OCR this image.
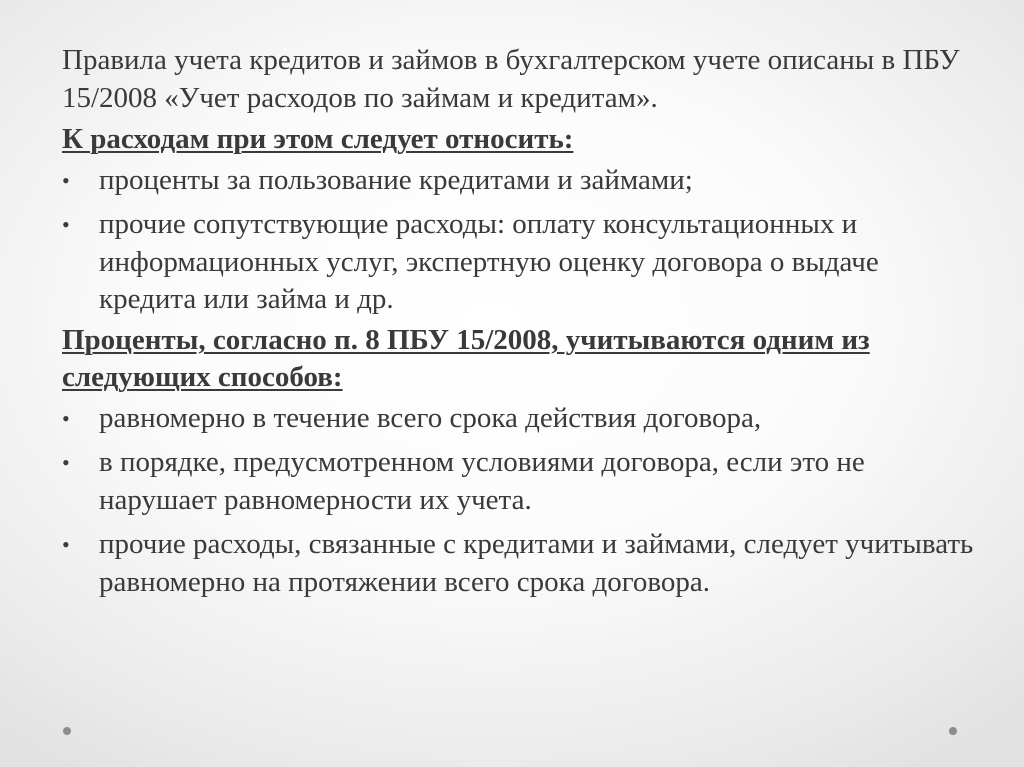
Правила учета кредитов и займов в бухгалтерском учете описаны в ПБУ 15/2008 «Учет расходов по займам и кредитам».

К расходам при этом следует относить:

• проценты за пользование кредитами и займами;
• прочие сопутствующие расходы: оплату консультационных и информационных услуг, экспертную оценку договора о выдаче кредита или займа и др.

Проценты, согласно п. 8 ПБУ 15/2008, учитываются одним из следующих способов:

• равномерно в течение всего срока действия договора,
• в порядке, предусмотренном условиями договора, если это не нарушает равномерности их учета.
• прочие расходы, связанные с кредитами и займами, следует учитывать равномерно на протяжении всего срока договора.
